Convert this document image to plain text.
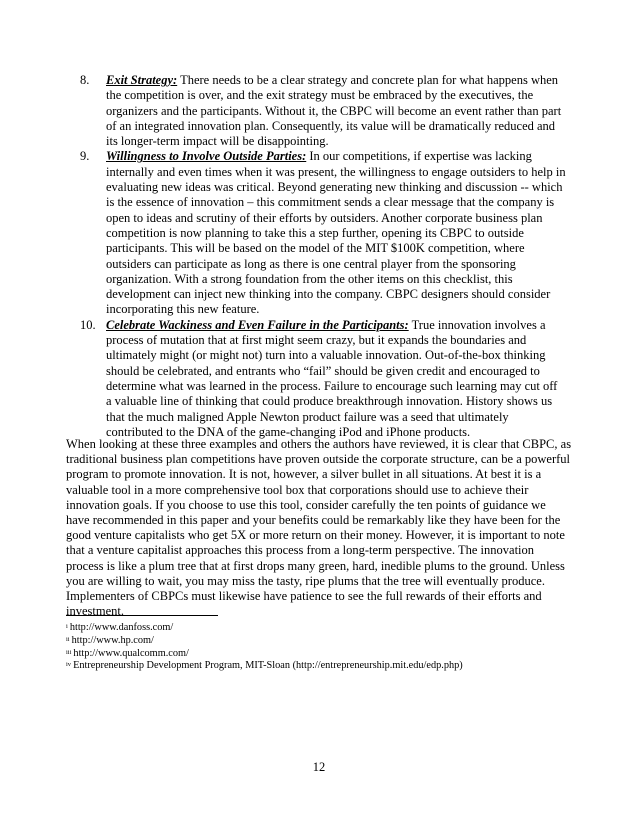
8. Exit Strategy: There needs to be a clear strategy and concrete plan for what happens when the competition is over, and the exit strategy must be embraced by the executives, the organizers and the participants. Without it, the CBPC will become an event rather than part of an integrated innovation plan. Consequently, its value will be dramatically reduced and its longer-term impact will be disappointing.
9. Willingness to Involve Outside Parties: In our competitions, if expertise was lacking internally and even times when it was present, the willingness to engage outsiders to help in evaluating new ideas was critical. Beyond generating new thinking and discussion -- which is the essence of innovation – this commitment sends a clear message that the company is open to ideas and scrutiny of their efforts by outsiders. Another corporate business plan competition is now planning to take this a step further, opening its CBPC to outside participants. This will be based on the model of the MIT $100K competition, where outsiders can participate as long as there is one central player from the sponsoring organization. With a strong foundation from the other items on this checklist, this development can inject new thinking into the company. CBPC designers should consider incorporating this new feature.
10. Celebrate Wackiness and Even Failure in the Participants: True innovation involves a process of mutation that at first might seem crazy, but it expands the boundaries and ultimately might (or might not) turn into a valuable innovation. Out-of-the-box thinking should be celebrated, and entrants who “fail” should be given credit and encouraged to determine what was learned in the process. Failure to encourage such learning may cut off a valuable line of thinking that could produce breakthrough innovation. History shows us that the much maligned Apple Newton product failure was a seed that ultimately contributed to the DNA of the game-changing iPod and iPhone products.

When looking at these three examples and others the authors have reviewed, it is clear that CBPC, as traditional business plan competitions have proven outside the corporate structure, can be a powerful program to promote innovation. It is not, however, a silver bullet in all situations. At best it is a valuable tool in a more comprehensive tool box that corporations should use to achieve their innovation goals. If you choose to use this tool, consider carefully the ten points of guidance we have recommended in this paper and your benefits could be remarkably like they have been for the good venture capitalists who get 5X or more return on their money. However, it is important to note that a venture capitalist approaches this process from a long-term perspective. The innovation process is like a plum tree that at first drops many green, hard, inedible plums to the ground. Unless you are willing to wait, you may miss the tasty, ripe plums that the tree will eventually produce. Implementers of CBPCs must likewise have patience to see the full rewards of their efforts and investment.

$^i$ http://www.danfoss.com/
$^{ii}$ http://www.hp.com/
$^{iii}$ http://www.qualcomm.com/
$^{iv}$ Entrepreneurship Development Program, MIT-Sloan (http://entrepreneurship.mit.edu/edp.php)
12
